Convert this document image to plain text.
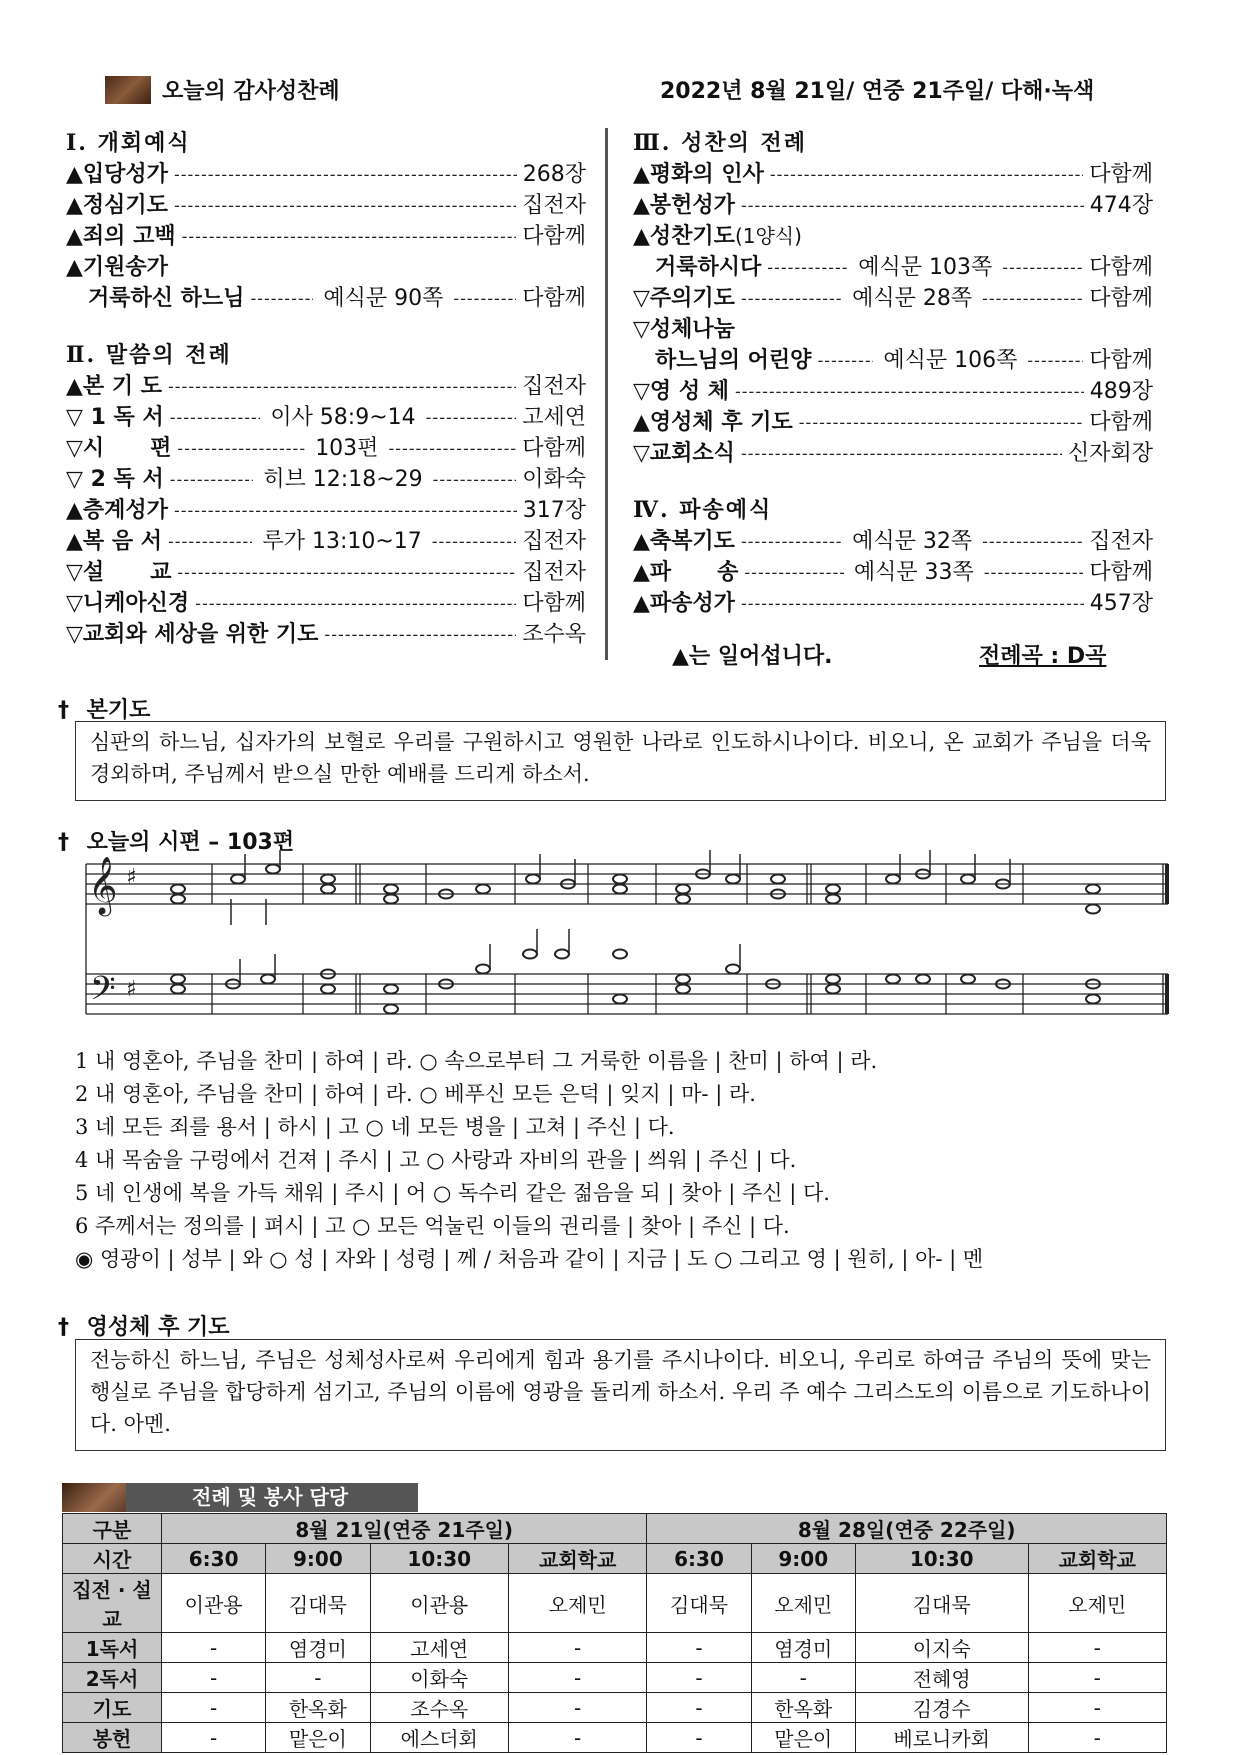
오늘의 감사성찬례	2022년 8월 21일/ 연중 21주일/ 다해·녹색
Ⅰ. 개회예식
▲ 입당성가 -----	268장
▲ 정심기도 -----	집전자
▲ 죄의 고백 -----	다함께
▲ 기원송가
거룩하신 하느님 -----	예식문 90쪽 -----	다함께
Ⅱ. 말씀의 전례
▲ 본 기 도 -----	집전자
▽ 1 독 서 -----	이사 58:9~14 -----	고세연
▽ 시      편 -----	103편 -----	다함께
▽ 2 독 서 -----	히브 12:18~29 -----	이화숙
▲ 층계성가 -----	317장
▲ 복 음 서 -----	루가 13:10~17 -----	집전자
▽ 설      교 -----	집전자
▽ 니케아신경 -----	다함께
▽ 교회와 세상을 위한 기도 -----	조수옥
Ⅲ. 성찬의 전례
▲ 평화의 인사 -----	다함께
▲ 봉헌성가 -----	474장
▲ 성찬기도 (1양식)
거룩하시다 -----	예식문 103쪽 -----	다함께
▽ 주의기도 -----	예식문 28쪽 -----	다함께
▽ 성체나눔
하느님의 어린양 -----	예식문 106쪽 -----	다함께
▽ 영 성 체 -----	489장
▲ 영성체 후 기도 -----	다함께
▽ 교회소식 -----	신자회장
Ⅳ. 파송예식
▲ 축복기도 -----	예식문 32쪽 -----	집전자
▲ 파      송 -----	예식문 33쪽 -----	다함께
▲ 파송성가 -----	457장
▲는 일어섭니다.	전례곡 : D곡
† 본기도
심판의 하느님, 십자가의 보혈로 우리를 구원하시고 영원한 나라로 인도하시나이다. 비오니, 온 교회가 주님을 더욱 경외하며, 주님께서 받으실 만한 예배를 드리게 하소서.
† 오늘의 시편 – 103편
𝄞 ♯
𝄢 ♯
1 내 영혼아, 주님을 찬미 | 하여 | 라. ○ 속으로부터 그 거룩한 이름을 | 찬미 | 하여 | 라.
2 내 영혼아, 주님을 찬미 | 하여 | 라. ○ 베푸신 모든 은덕 | 잊지 | 마- | 라.
3 네 모든 죄를 용서 | 하시 | 고 ○ 네 모든 병을 | 고쳐 | 주신 | 다.
4 내 목숨을 구렁에서 건져 | 주시 | 고 ○ 사랑과 자비의 관을 | 씌워 | 주신 | 다.
5 네 인생에 복을 가득 채워 | 주시 | 어 ○ 독수리 같은 젊음을 되 | 찾아 | 주신 | 다.
6 주께서는 정의를 | 펴시 | 고 ○ 모든 억눌린 이들의 권리를 | 찾아 | 주신 | 다.
◉ 영광이 | 성부 | 와 ○ 성 | 자와 | 성령 | 께 / 처음과 같이 | 지금 | 도 ○ 그리고 영 | 원히, | 아- | 멘
† 영성체 후 기도
전능하신 하느님, 주님은 성체성사로써 우리에게 힘과 용기를 주시나이다. 비오니, 우리로 하여금 주님의 뜻에 맞는 행실로 주님을 합당하게 섬기고, 주님의 이름에 영광을 돌리게 하소서. 우리 주 예수 그리스도의 이름으로 기도하나이다. 아멘.
전례 및 봉사 담당
구분	8월 21일(연중 21주일)				8월 28일(연중 22주일)			
시간	6:30	9:00	10:30	교회학교	6:30	9:00	10:30	교회학교
집전 · 설교	이관용	김대묵	이관용	오제민	김대묵	오제민	김대묵	오제민
1독서	-	염경미	고세연	-	-	염경미	이지숙	-
2독서	-	-	이화숙	-	-	-	전혜영	-
기도	-	한옥화	조수옥	-	-	한옥화	김경수	-
봉헌	-	맡은이	에스더회	-	-	맡은이	베로니카회	-
